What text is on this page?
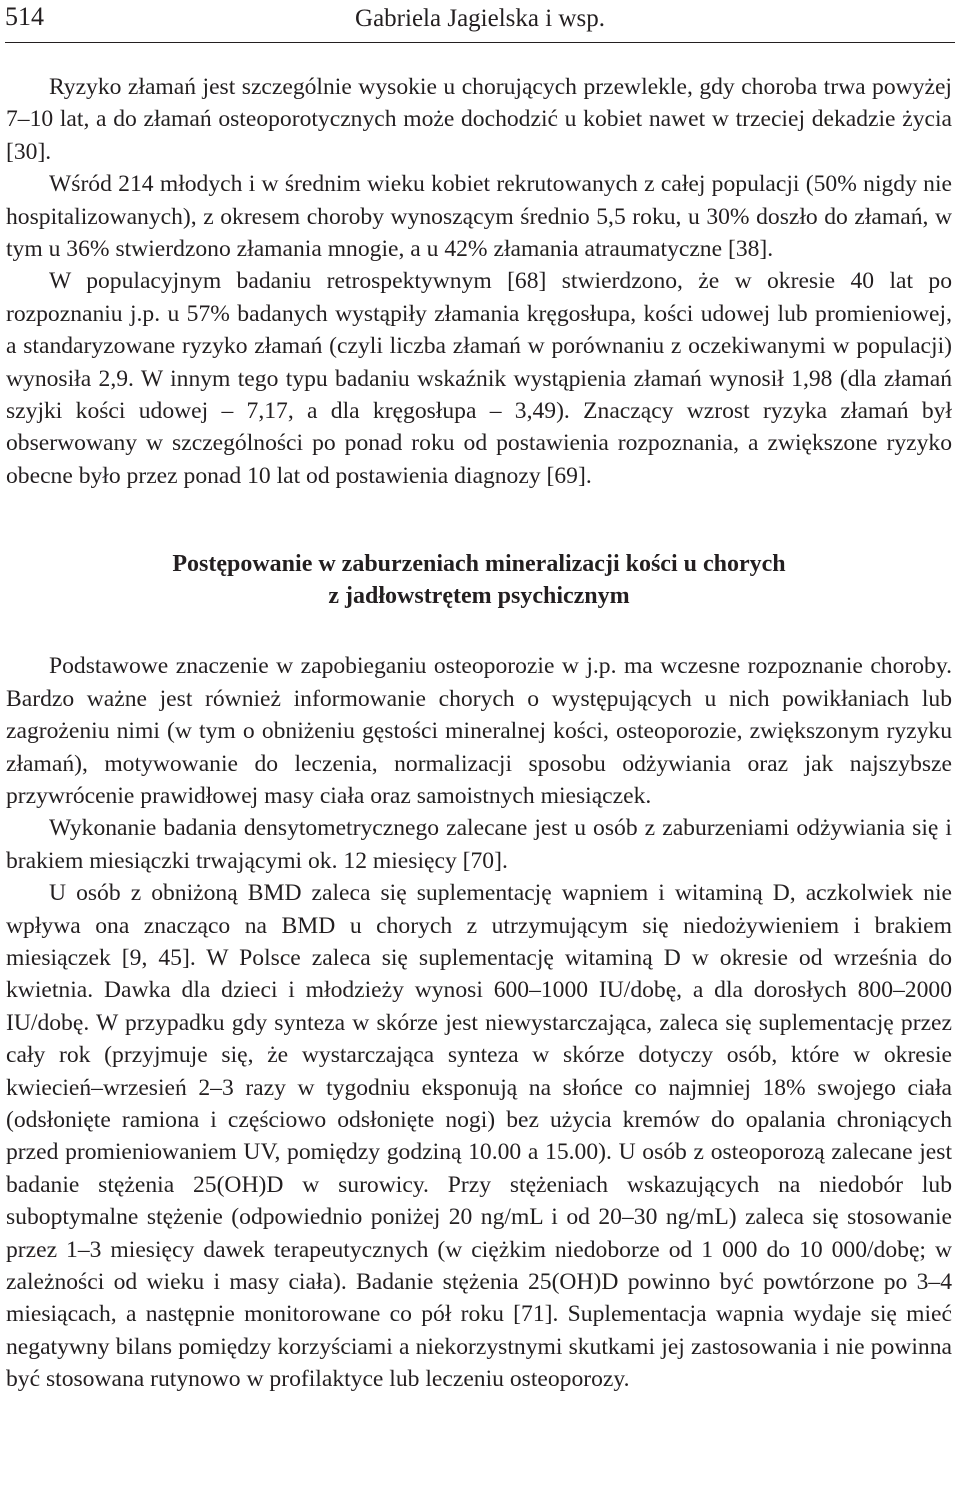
514	Gabriela Jagielska i wsp.

Ryzyko złamań jest szczególnie wysokie u chorujących przewlekle, gdy choroba trwa powyżej 7–10 lat, a do złamań osteoporotycznych może dochodzić u kobiet nawet w trzeciej dekadzie życia [30].

Wśród 214 młodych i w średnim wieku kobiet rekrutowanych z całej populacji (50% nigdy nie hospitalizowanych), z okresem choroby wynoszącym średnio 5,5 roku, u 30% doszło do złamań, w tym u 36% stwierdzono złamania mnogie, a u 42% złamania atraumatyczne [38].

W populacyjnym badaniu retrospektywnym [68] stwierdzono, że w okresie 40 lat po rozpoznaniu j.p. u 57% badanych wystąpiły złamania kręgosłupa, kości udowej lub promieniowej, a standaryzowane ryzyko złamań (czyli liczba złamań w porównaniu z oczekiwanymi w populacji) wynosiła 2,9. W innym tego typu badaniu wskaźnik wystąpienia złamań wynosił 1,98 (dla złamań szyjki kości udowej – 7,17, a dla kręgosłupa – 3,49). Znaczący wzrost ryzyka złamań był obserwowany w szczególności po ponad roku od postawienia rozpoznania, a zwiększone ryzyko obecne było przez ponad 10 lat od postawienia diagnozy [69].

Postępowanie w zaburzeniach mineralizacji kości u chorych
z jadłowstrętem psychicznym

Podstawowe znaczenie w zapobieganiu osteoporozie w j.p. ma wczesne rozpoznanie choroby. Bardzo ważne jest również informowanie chorych o występujących u nich powikłaniach lub zagrożeniu nimi (w tym o obniżeniu gęstości mineralnej kości, osteoporozie, zwiększonym ryzyku złamań), motywowanie do leczenia, normalizacji sposobu odżywiania oraz jak najszybsze przywrócenie prawidłowej masy ciała oraz samoistnych miesiączek.

Wykonanie badania densytometrycznego zalecane jest u osób z zaburzeniami odżywiania się i brakiem miesiączki trwającymi ok. 12 miesięcy [70].

U osób z obniżoną BMD zaleca się suplementację wapniem i witaminą D, aczkolwiek nie wpływa ona znacząco na BMD u chorych z utrzymującym się niedożywieniem i brakiem miesiączek [9, 45]. W Polsce zaleca się suplementację witaminą D w okresie od września do kwietnia. Dawka dla dzieci i młodzieży wynosi 600–1000 IU/dobę, a dla dorosłych 800–2000 IU/dobę. W przypadku gdy synteza w skórze jest niewystarczająca, zaleca się suplementację przez cały rok (przyjmuje się, że wystarczająca synteza w skórze dotyczy osób, które w okresie kwiecień–wrzesień 2–3 razy w tygodniu eksponują na słońce co najmniej 18% swojego ciała (odsłonięte ramiona i częściowo odsłonięte nogi) bez użycia kremów do opalania chroniących przed promieniowaniem UV, pomiędzy godziną 10.00 a 15.00). U osób z osteoporozą zalecane jest badanie stężenia 25(OH)D w surowicy. Przy stężeniach wskazujących na niedobór lub suboptymalne stężenie (odpowiednio poniżej 20 ng/mL i od 20–30 ng/mL) zaleca się stosowanie przez 1–3 miesięcy dawek terapeutycznych (w ciężkim niedoborze od 1 000 do 10 000/dobę; w zależności od wieku i masy ciała). Badanie stężenia 25(OH)D powinno być powtórzone po 3–4 miesiącach, a następnie monitorowane co pół roku [71]. Suplementacja wapnia wydaje się mieć negatywny bilans pomiędzy korzyściami a niekorzystnymi skutkami jej zastosowania i nie powinna być stosowana rutynowo w profilaktyce lub leczeniu osteoporozy.
